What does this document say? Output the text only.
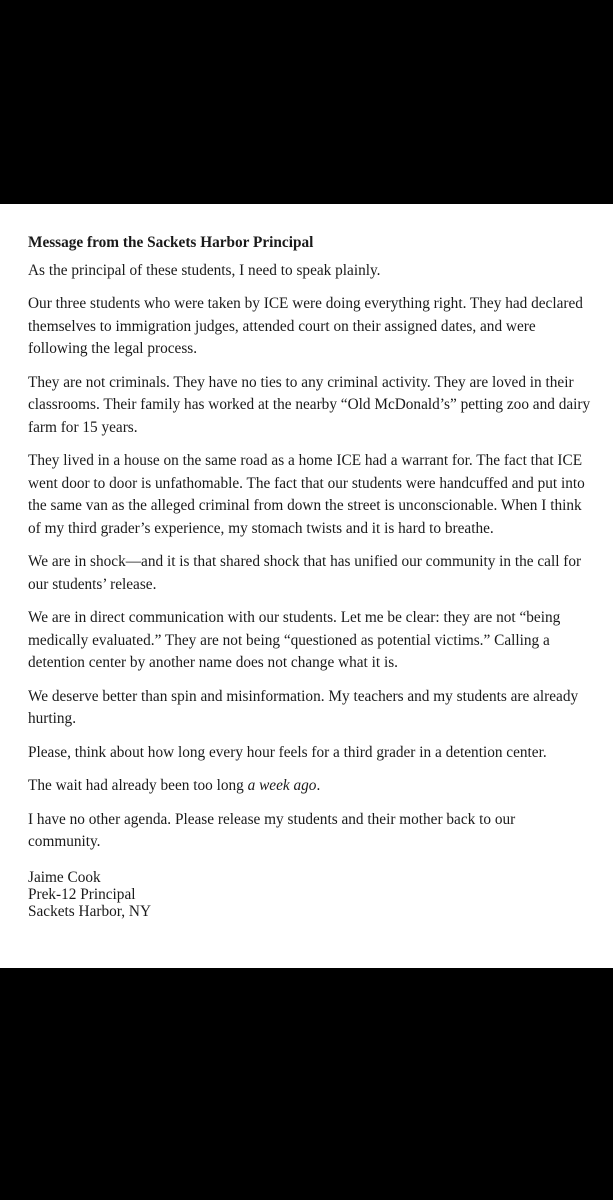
Message from the Sackets Harbor Principal

As the principal of these students, I need to speak plainly.

Our three students who were taken by ICE were doing everything right. They had declared themselves to immigration judges, attended court on their assigned dates, and were following the legal process.

They are not criminals. They have no ties to any criminal activity. They are loved in their classrooms. Their family has worked at the nearby “Old McDonald’s” petting zoo and dairy farm for 15 years.

They lived in a house on the same road as a home ICE had a warrant for. The fact that ICE went door to door is unfathomable. The fact that our students were handcuffed and put into the same van as the alleged criminal from down the street is unconscionable. When I think of my third grader’s experience, my stomach twists and it is hard to breathe.

We are in shock—and it is that shared shock that has unified our community in the call for our students’ release.

We are in direct communication with our students. Let me be clear: they are not “being medically evaluated.” They are not being “questioned as potential victims.” Calling a detention center by another name does not change what it is.

We deserve better than spin and misinformation. My teachers and my students are already hurting.

Please, think about how long every hour feels for a third grader in a detention center.

The wait had already been too long a week ago.

I have no other agenda. Please release my students and their mother back to our community.

Jaime Cook
Prek-12 Principal
Sackets Harbor, NY
